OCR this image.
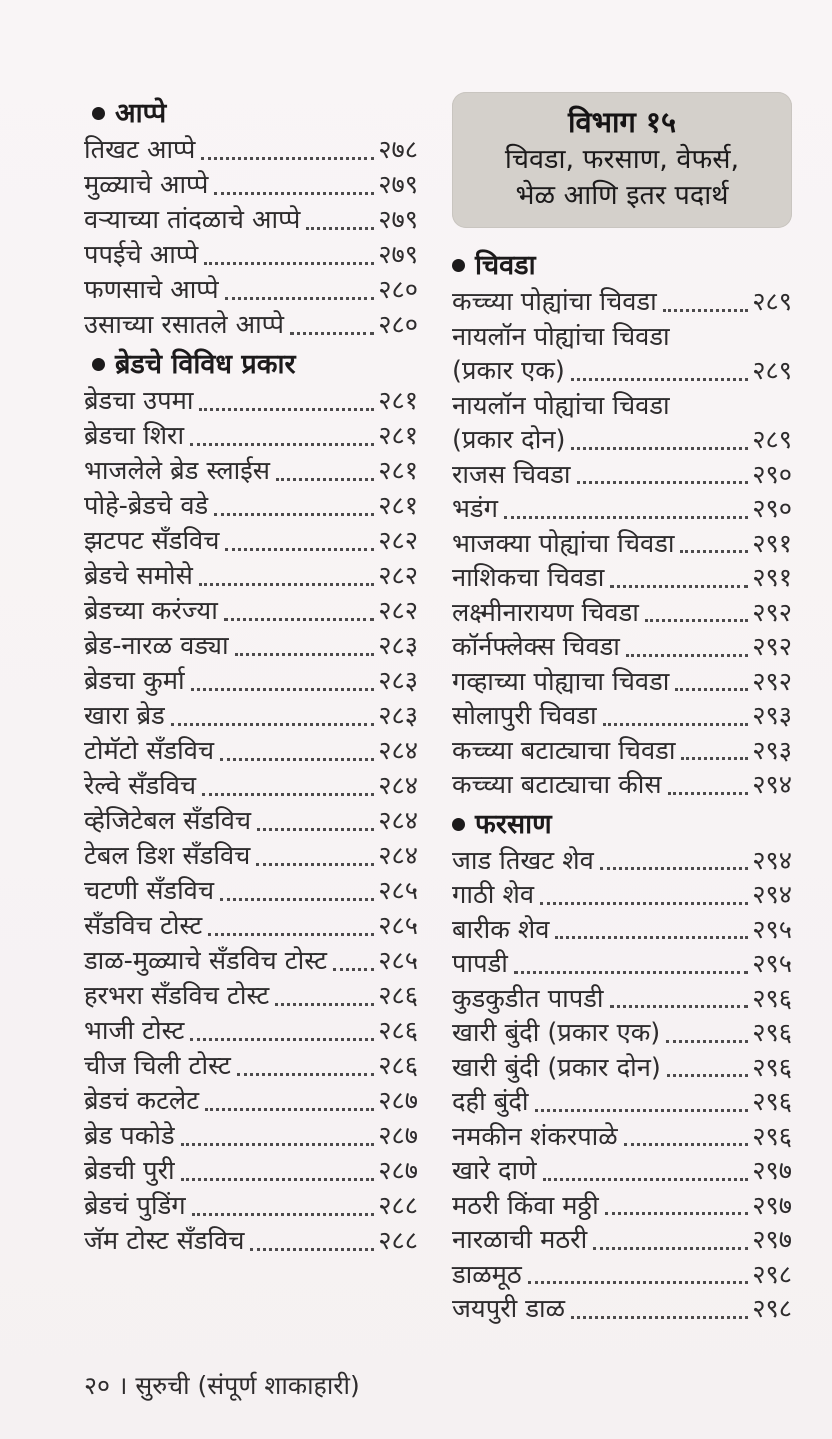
आप्पे
तिखट आप्पे	२७८
मुळ्याचे आप्पे	२७९
वऱ्याच्या तांदळाचे आप्पे	२७९
पपईचे आप्पे	२७९
फणसाचे आप्पे	२८०
उसाच्या रसातले आप्पे	२८०
ब्रेडचे विविध प्रकार
ब्रेडचा उपमा	२८१
ब्रेडचा शिरा	२८१
भाजलेले ब्रेड स्लाईस	२८१
पोहे-ब्रेडचे वडे	२८१
झटपट सँडविच	२८२
ब्रेडचे समोसे	२८२
ब्रेडच्या करंज्या	२८२
ब्रेड-नारळ वड्या	२८३
ब्रेडचा कुर्मा	२८३
खारा ब्रेड	२८३
टोमॅटो सँडविच	२८४
रेल्वे सँडविच	२८४
व्हेजिटेबल सँडविच	२८४
टेबल डिश सँडविच	२८४
चटणी सँडविच	२८५
सँडविच टोस्ट	२८५
डाळ-मुळ्याचे सँडविच टोस्ट २८५
हरभरा सँडविच टोस्ट	२८६
भाजी टोस्ट	२८६
चीज चिली टोस्ट	२८६
ब्रेडचं कटलेट	२८७
ब्रेड पकोडे	२८७
ब्रेडची पुरी	२८७
ब्रेडचं पुडिंग	२८८
जॅम टोस्ट सँडविच	२८८
विभाग १५
चिवडा, फरसाण, वेफर्स,
भेळ आणि इतर पदार्थ
चिवडा
कच्च्या पोह्यांचा चिवडा	२८९
नायलॉन पोह्यांचा चिवडा
(प्रकार एक)	२८९
नायलॉन पोह्यांचा चिवडा
(प्रकार दोन)	२८९
राजस चिवडा	२९०
भडंग	२९०
भाजक्या पोह्यांचा चिवडा	२९१
नाशिकचा चिवडा	२९१
लक्ष्मीनारायण चिवडा	२९२
कॉर्नफ्लेक्स चिवडा	२९२
गव्हाच्या पोह्याचा चिवडा	२९२
सोलापुरी चिवडा	२९३
कच्च्या बटाट्याचा चिवडा	२९३
कच्च्या बटाट्याचा कीस	२९४
फरसाण
जाड तिखट शेव	२९४
गाठी शेव	२९४
बारीक शेव	२९५
पापडी	२९५
कुडकुडीत पापडी	२९६
खारी बुंदी (प्रकार एक)	२९६
खारी बुंदी (प्रकार दोन)	२९६
दही बुंदी	२९६
नमकीन शंकरपाळे	२९६
खारे दाणे	२९७
मठरी किंवा मठ्ठी	२९७
नारळाची मठरी	२९७
डाळमूठ	२९८
जयपुरी डाळ	२९८
२० । सुरुची (संपूर्ण शाकाहारी)
